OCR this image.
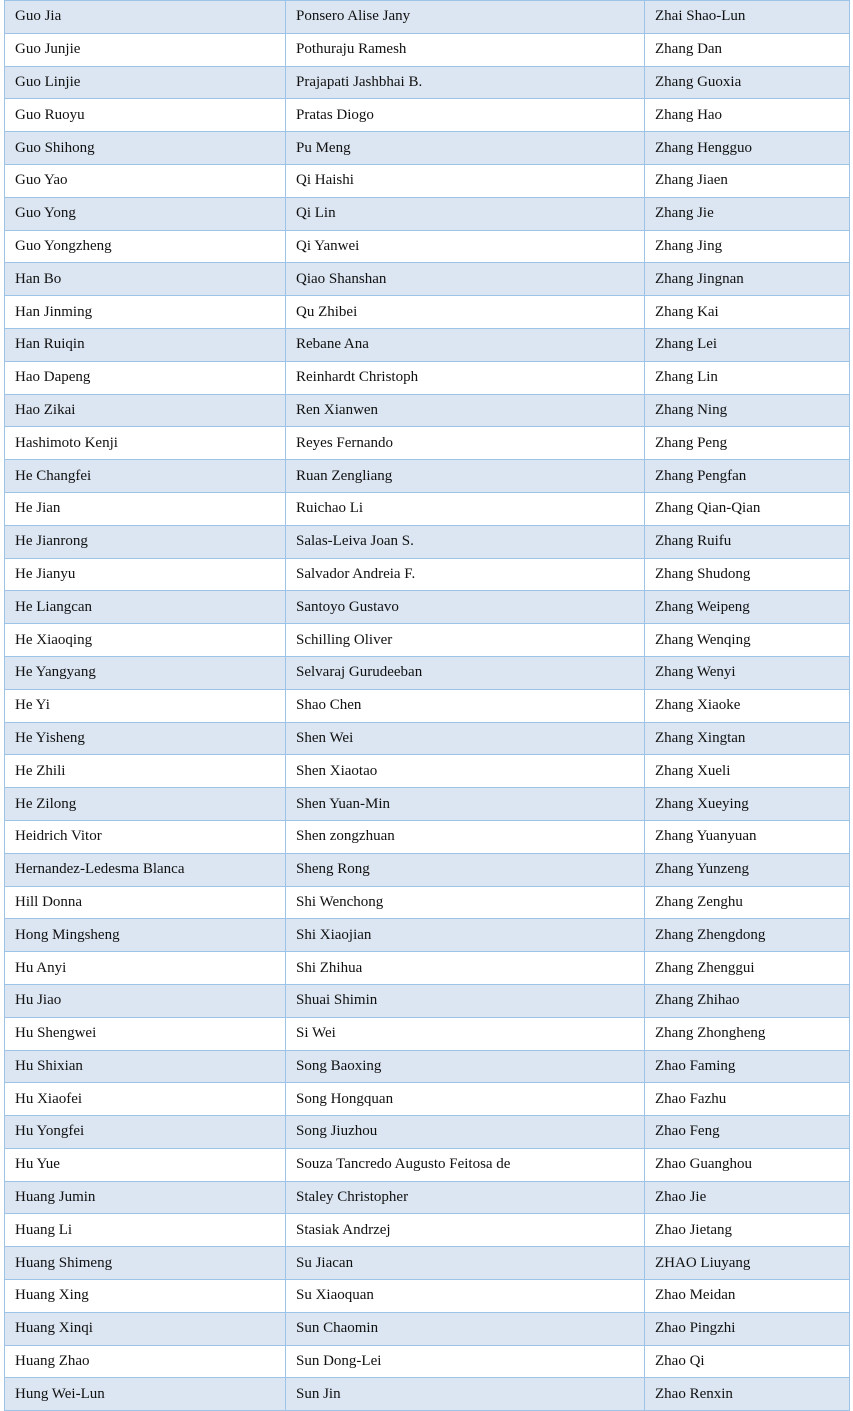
Guo Jia	Ponsero Alise Jany	Zhai Shao-Lun
Guo Junjie	Pothuraju Ramesh	Zhang Dan
Guo Linjie	Prajapati Jashbhai B.	Zhang Guoxia
Guo Ruoyu	Pratas Diogo	Zhang Hao
Guo Shihong	Pu Meng	Zhang Hengguo
Guo Yao	Qi Haishi	Zhang Jiaen
Guo Yong	Qi Lin	Zhang Jie
Guo Yongzheng	Qi Yanwei	Zhang Jing
Han Bo	Qiao Shanshan	Zhang Jingnan
Han Jinming	Qu Zhibei	Zhang Kai
Han Ruiqin	Rebane Ana	Zhang Lei
Hao Dapeng	Reinhardt Christoph	Zhang Lin
Hao Zikai	Ren Xianwen	Zhang Ning
Hashimoto Kenji	Reyes Fernando	Zhang Peng
He Changfei	Ruan Zengliang	Zhang Pengfan
He Jian	Ruichao Li	Zhang Qian-Qian
He Jianrong	Salas-Leiva Joan S.	Zhang Ruifu
He Jianyu	Salvador Andreia F.	Zhang Shudong
He Liangcan	Santoyo Gustavo	Zhang Weipeng
He Xiaoqing	Schilling Oliver	Zhang Wenqing
He Yangyang	Selvaraj Gurudeeban	Zhang Wenyi
He Yi	Shao Chen	Zhang Xiaoke
He Yisheng	Shen Wei	Zhang Xingtan
He Zhili	Shen Xiaotao	Zhang Xueli
He Zilong	Shen Yuan-Min	Zhang Xueying
Heidrich Vitor	Shen zongzhuan	Zhang Yuanyuan
Hernandez-Ledesma Blanca	Sheng Rong	Zhang Yunzeng
Hill Donna	Shi Wenchong	Zhang Zenghu
Hong Mingsheng	Shi Xiaojian	Zhang Zhengdong
Hu Anyi	Shi Zhihua	Zhang Zhenggui
Hu Jiao	Shuai Shimin	Zhang Zhihao
Hu Shengwei	Si Wei	Zhang Zhongheng
Hu Shixian	Song Baoxing	Zhao Faming
Hu Xiaofei	Song Hongquan	Zhao Fazhu
Hu Yongfei	Song Jiuzhou	Zhao Feng
Hu Yue	Souza Tancredo Augusto Feitosa de	Zhao Guanghou
Huang Jumin	Staley Christopher	Zhao Jie
Huang Li	Stasiak Andrzej	Zhao Jietang
Huang Shimeng	Su Jiacan	ZHAO Liuyang
Huang Xing	Su Xiaoquan	Zhao Meidan
Huang Xinqi	Sun Chaomin	Zhao Pingzhi
Huang Zhao	Sun Dong-Lei	Zhao Qi
Hung Wei-Lun	Sun Jin	Zhao Renxin
